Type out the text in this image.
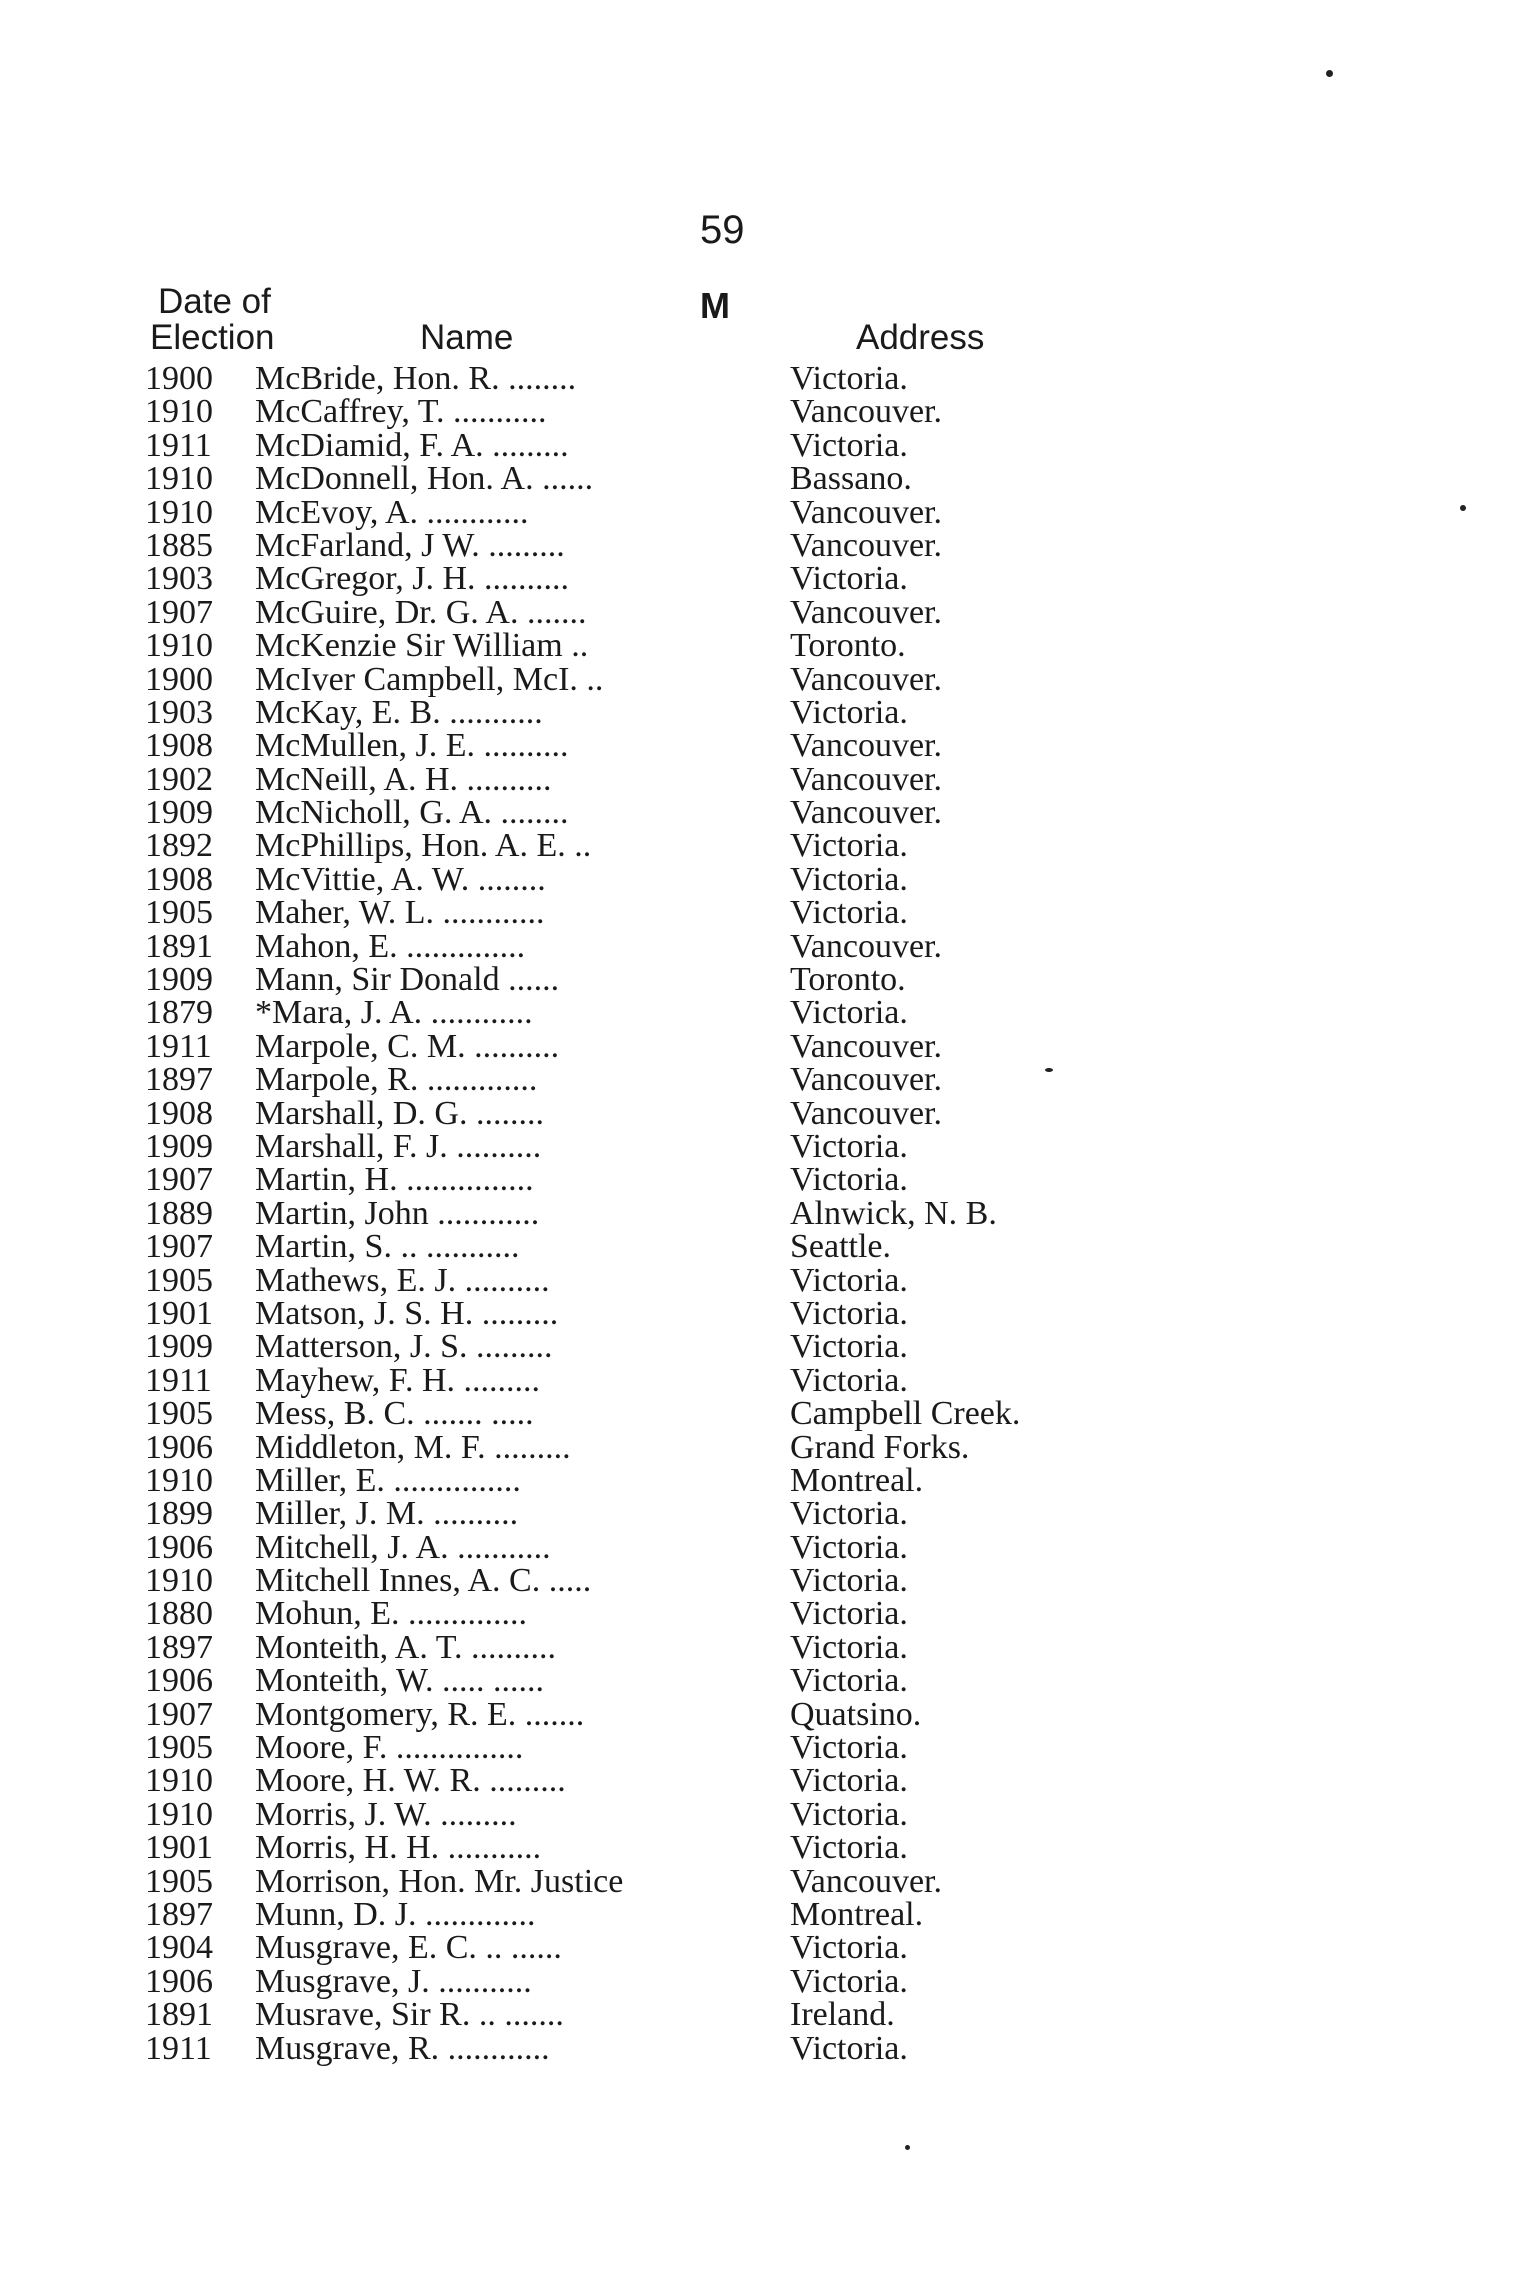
59
M
Date of
Election	Name	Address
1900 McBride, Hon. R. ........	Victoria.
1910 McCaffrey, T. ...........	Vancouver.
1911 McDiamid, F. A. .........	Victoria.
1910 McDonnell, Hon. A. ......	Bassano.
1910 McEvoy, A. ............	Vancouver.
1885 McFarland, J W. .........	Vancouver.
1903 McGregor, J. H. ..........	Victoria.
1907 McGuire, Dr. G. A. .......	Vancouver.
1910 McKenzie Sir William ..	Toronto.
1900 McIver Campbell, McI. ..	Vancouver.
1903 McKay, E. B. ...........	Victoria.
1908 McMullen, J. E. ..........	Vancouver.
1902 McNeill, A. H. ..........	Vancouver.
1909 McNicholl, G. A. ........	Vancouver.
1892 McPhillips, Hon. A. E. ..	Victoria.
1908 McVittie, A. W. ........	Victoria.
1905 Maher, W. L. ............	Victoria.
1891 Mahon, E. ..............	Vancouver.
1909 Mann, Sir Donald ......	Toronto.
1879 *Mara, J. A. ............	Victoria.
1911 Marpole, C. M. ..........	Vancouver.
1897 Marpole, R. .............	Vancouver.
1908 Marshall, D. G. ........	Vancouver.
1909 Marshall, F. J. ..........	Victoria.
1907 Martin, H. ...............	Victoria.
1889 Martin, John ............	Alnwick, N. B.
1907 Martin, S. .. ...........	Seattle.
1905 Mathews, E. J. ..........	Victoria.
1901 Matson, J. S. H. .........	Victoria.
1909 Matterson, J. S. .........	Victoria.
1911 Mayhew, F. H. .........	Victoria.
1905 Mess, B. C. ....... .....	Campbell Creek.
1906 Middleton, M. F. .........	Grand Forks.
1910 Miller, E. ...............	Montreal.
1899 Miller, J. M. ..........	Victoria.
1906 Mitchell, J. A. ...........	Victoria.
1910 Mitchell Innes, A. C. .....	Victoria.
1880 Mohun, E. ..............	Victoria.
1897 Monteith, A. T. ..........	Victoria.
1906 Monteith, W. ..... ......	Victoria.
1907 Montgomery, R. E. .......	Quatsino.
1905 Moore, F. ...............	Victoria.
1910 Moore, H. W. R. .........	Victoria.
1910 Morris, J. W. .........	Victoria.
1901 Morris, H. H. ...........	Victoria.
1905 Morrison, Hon. Mr. Justice	Vancouver.
1897 Munn, D. J. .............	Montreal.
1904 Musgrave, E. C. .. ......	Victoria.
1906 Musgrave, J. ...........	Victoria.
1891 Musrave, Sir R. .. .......	Ireland.
1911 Musgrave, R. ............	Victoria.
